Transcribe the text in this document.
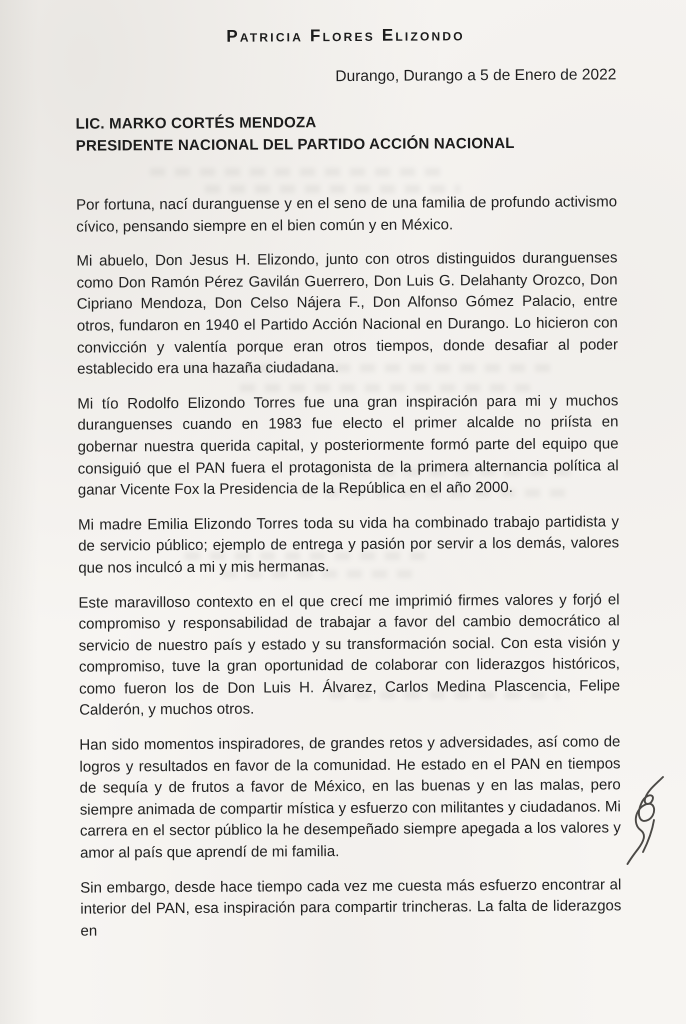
Patricia Flores Elizondo
Durango, Durango a 5 de Enero de 2022
LIC. MARKO CORTÉS MENDOZA
PRESIDENTE NACIONAL DEL PARTIDO ACCIÓN NACIONAL

Por fortuna, nací duranguense y en el seno de una familia de profundo activismo cívico, pensando siempre en el bien común y en México.

Mi abuelo, Don Jesus H. Elizondo, junto con otros distinguidos duranguenses como Don Ramón Pérez Gavilán Guerrero, Don Luis G. Delahanty Orozco, Don Cipriano Mendoza, Don Celso Nájera F., Don Alfonso Gómez Palacio, entre otros, fundaron en 1940 el Partido Acción Nacional en Durango. Lo hicieron con convicción y valentía porque eran otros tiempos, donde desafiar al poder establecido era una hazaña ciudadana.

Mi tío Rodolfo Elizondo Torres fue una gran inspiración para mi y muchos duranguenses cuando en 1983 fue electo el primer alcalde no priísta en gobernar nuestra querida capital, y posteriormente formó parte del equipo que consiguió que el PAN fuera el protagonista de la primera alternancia política al ganar Vicente Fox la Presidencia de la República en el año 2000.

Mi madre Emilia Elizondo Torres toda su vida ha combinado trabajo partidista y de servicio público; ejemplo de entrega y pasión por servir a los demás, valores que nos inculcó a mi y mis hermanas.

Este maravilloso contexto en el que crecí me imprimió firmes valores y forjó el compromiso y responsabilidad de trabajar a favor del cambio democrático al servicio de nuestro país y estado y su transformación social. Con esta visión y compromiso, tuve la gran oportunidad de colaborar con liderazgos históricos, como fueron los de Don Luis H. Álvarez, Carlos Medina Plascencia, Felipe Calderón, y muchos otros.

Han sido momentos inspiradores, de grandes retos y adversidades, así como de logros y resultados en favor de la comunidad. He estado en el PAN en tiempos de sequía y de frutos a favor de México, en las buenas y en las malas, pero siempre animada de compartir mística y esfuerzo con militantes y ciudadanos. Mi carrera en el sector público la he desempeñado siempre apegada a los valores y amor al país que aprendí de mi familia.

Sin embargo, desde hace tiempo cada vez me cuesta más esfuerzo encontrar al interior del PAN, esa inspiración para compartir trincheras. La falta de liderazgos en
